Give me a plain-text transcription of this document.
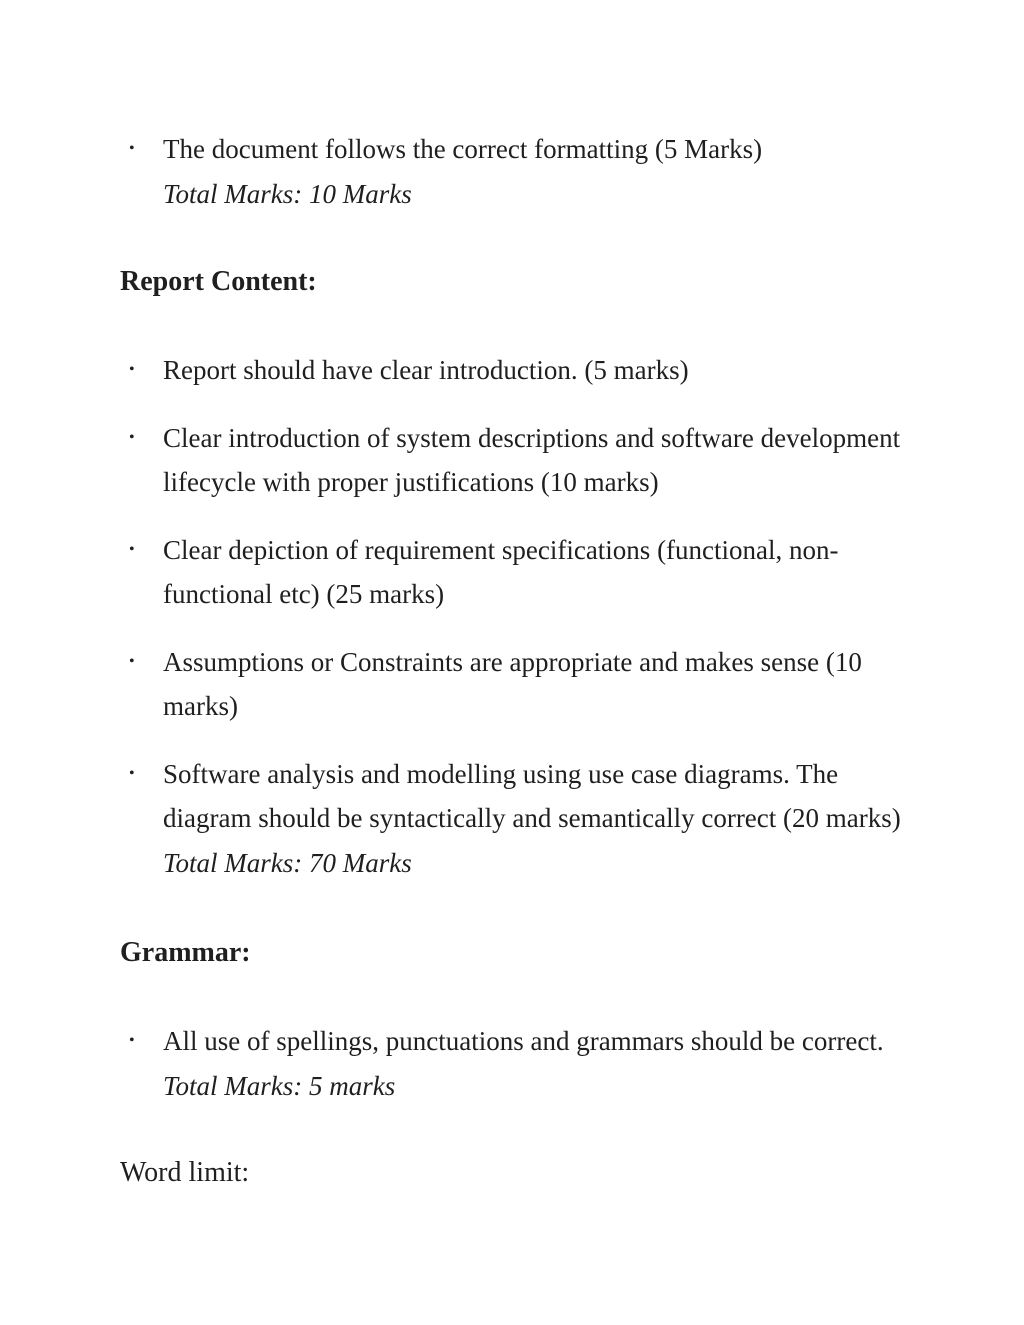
• The document follows the correct formatting (5 Marks) Total Marks: 10 Marks
Report Content:
• Report should have clear introduction. (5 marks)
• Clear introduction of system descriptions and software development lifecycle with proper justifications (10 marks)
• Clear depiction of requirement specifications (functional, non-functional etc) (25 marks)
• Assumptions or Constraints are appropriate and makes sense (10 marks)
• Software analysis and modelling using use case diagrams. The diagram should be syntactically and semantically correct (20 marks) Total Marks: 70 Marks
Grammar:
• All use of spellings, punctuations and grammars should be correct. Total Marks: 5 marks

Word limit:
